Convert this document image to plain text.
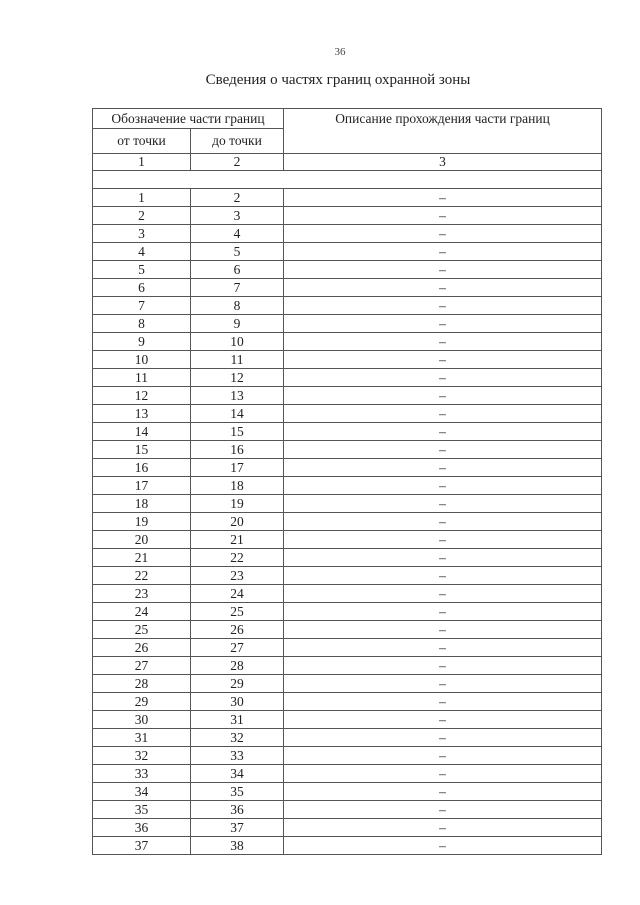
36
Сведения о частях границ охранной зоны
Обозначение части границ		Описание прохождения части границ
от точки	до точки	
1	2	3

1	2	–
2	3	–
3	4	–
4	5	–
5	6	–
6	7	–
7	8	–
8	9	–
9	10	–
10	11	–
11	12	–
12	13	–
13	14	–
14	15	–
15	16	–
16	17	–
17	18	–
18	19	–
19	20	–
20	21	–
21	22	–
22	23	–
23	24	–
24	25	–
25	26	–
26	27	–
27	28	–
28	29	–
29	30	–
30	31	–
31	32	–
32	33	–
33	34	–
34	35	–
35	36	–
36	37	–
37	38	–
